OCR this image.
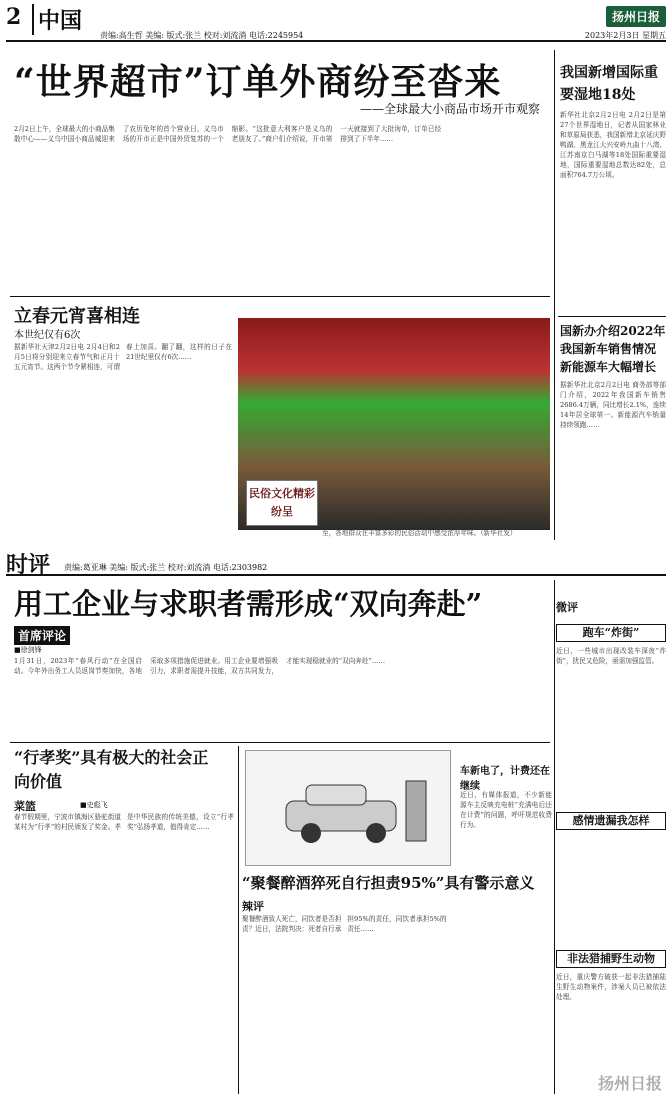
2 中国
责编:高生哲 美编: 版式:张兰 校对:刘流淌 电话:2245954
扬州日报
2023年2月3日 星期五
“世界超市”订单外商纷至沓来
——全球最大小商品市场开市观察
2月2日上午，全球最大的小商品集散中心——义乌中国小商品城迎来了农历兔年的首个营业日，义乌市场的开市正是中国外贸复苏的一个缩影。“这批意大利客户是义乌的老朋友了。”商户们介绍说，开市第一天就接到了大批询单，订单已经排到了下半年……
我国新增国际重要湿地18处
新华社北京2月2日电 2月2日是第27个世界湿地日，记者从国家林业和草原局获悉，我国新增北京延庆野鸭湖、黑龙江大兴安岭九曲十八湾、江苏南京白马湖等18处国际重要湿地，国际重要湿地总数达82处，总面积764.7万公顷。
立春元宵喜相连
本世纪仅有6次
据新华社天津2月2日电 2月4日和2月5日将分别迎来立春节气和正月十五元宵节。这两个节令紧相连，可谓春上加喜。翻了翻，这样的日子在21世纪里仅有6次……
民俗文化精彩纷呈
2月2日，在山西太原迎泽区，游客观看演出的民俗文化展演节目。元宵佳节将至，各地群众在丰富多彩的民俗活动中感受浓厚年味。（新华社发）
国新办介绍2022年我国新车销售情况 新能源车大幅增长
据新华社北京2月2日电 商务部等部门介绍，2022年我国新车销售2686.4万辆，同比增长2.1%，连续14年居全球第一。新能源汽车销量持续领跑……
时评 责编:葛亚琳 美编: 版式:张兰 校对:刘流淌 电话:2303982
用工企业与求职者需形成“双向奔赴”
首席评论
■徐剑锋
1月31日，2023年“春风行动”在全国启动。今年外出务工人员返岗节奏加快，各地采取多项措施促进就业。用工企业要增强吸引力，求职者需提升技能，双方共同发力，才能实现稳就业的“双向奔赴”……
“行孝奖”具有极大的社会正向价值
菜篮	■史彪飞
春节假期里，宁波市镇海区骆驼街道某村为“行孝”的村民颁发了奖金。孝是中华民族的传统美德，设立“行孝奖”弘扬孝道，值得肯定……
车新电了，计费还在继续
近日，有媒体报道，不少新能源车主反映充电桩“充满电后还在计费”的问题，呼吁规范收费行为。
“聚餐醉酒猝死自行担责95%”具有警示意义
辣评
聚餐醉酒致人死亡，同饮者是否担责？近日，法院判决：死者自行承担95%的责任，同饮者承担5%的责任……
微评
跑车“炸街”
近日，一些城市出现改装车深夜“炸街”，扰民又危险，亟需加强监管。
感情遗漏我怎样
非法猎捕野生动物
近日，重庆警方破获一起非法猎捕陆生野生动物案件，涉案人员已被依法处理。
扬州日报
